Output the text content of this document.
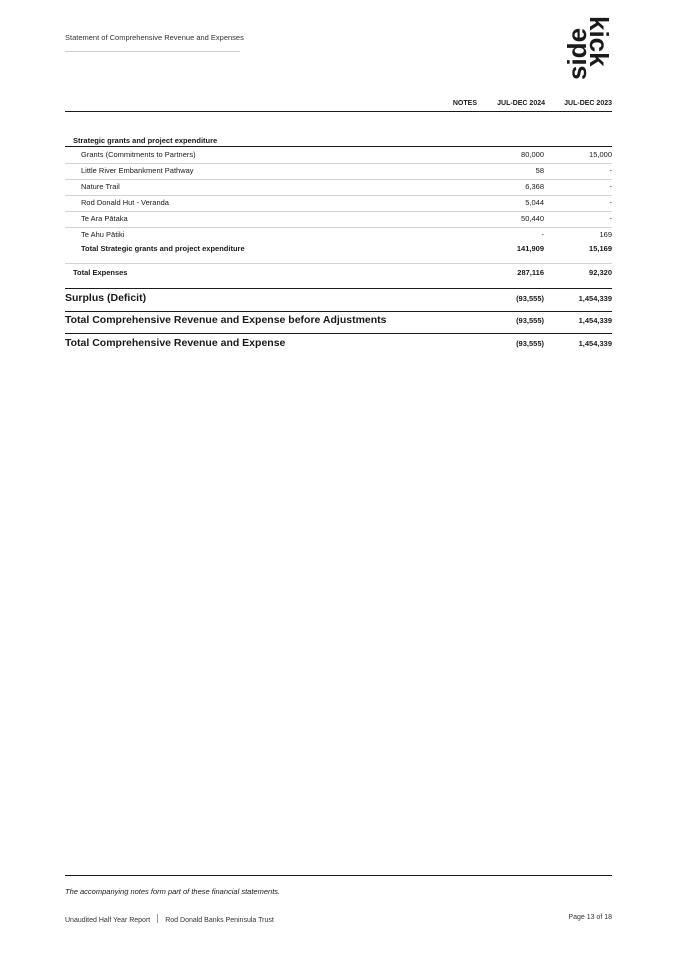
Statement of Comprehensive Revenue and Expenses	kick
side
NOTES	JUL-DEC 2024	JUL-DEC 2023
Strategic grants and project expenditure
Grants (Commitments to Partners)	80,000	15,000
Little River Embankment Pathway	58	-
Nature Trail	6,368	-
Rod Donald Hut - Veranda	5,044	-
Te Ara Pātaka	50,440	-
Te Ahu Pātiki	-	169
Total Strategic grants and project expenditure	141,909	15,169
Total Expenses	287,116	92,320
Surplus (Deficit)	(93,555)	1,454,339
Total Comprehensive Revenue and Expense before Adjustments	(93,555)	1,454,339
Total Comprehensive Revenue and Expense	(93,555)	1,454,339
The accompanying notes form part of these financial statements.
Unaudited Half Year Report Rod Donald Banks Peninsula Trust	Page 13 of 18
